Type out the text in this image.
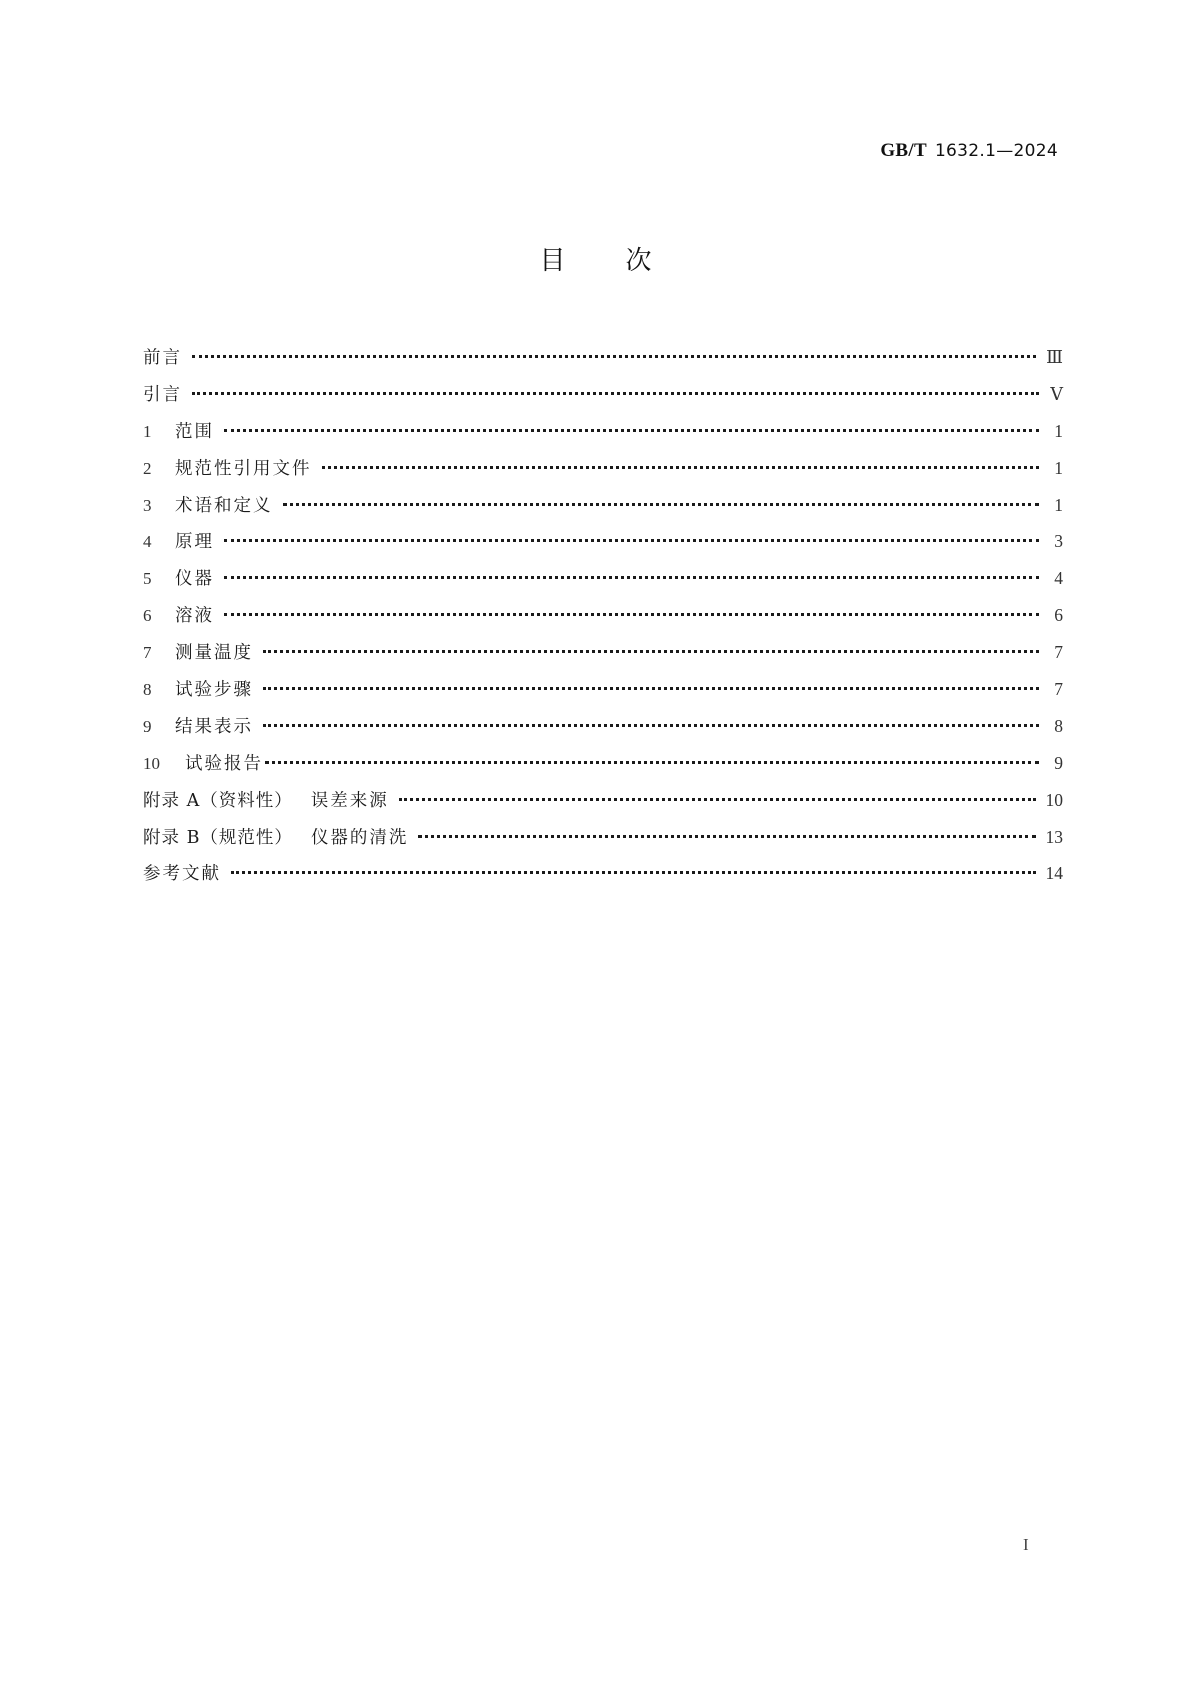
GB/T 1632.1—2024
目 次
前言	Ⅲ
引言	Ⅴ
1	范围	1
2	规范性引用文件	1
3	术语和定义	1
4	原理	3
5	仪器	4
6	溶液	6
7	测量温度	7
8	试验步骤	7
9	结果表示	8
10	试验报告	9
附录 A（资料性） 误差来源	10
附录 B（规范性） 仪器的清洗	13
参考文献	14
I
